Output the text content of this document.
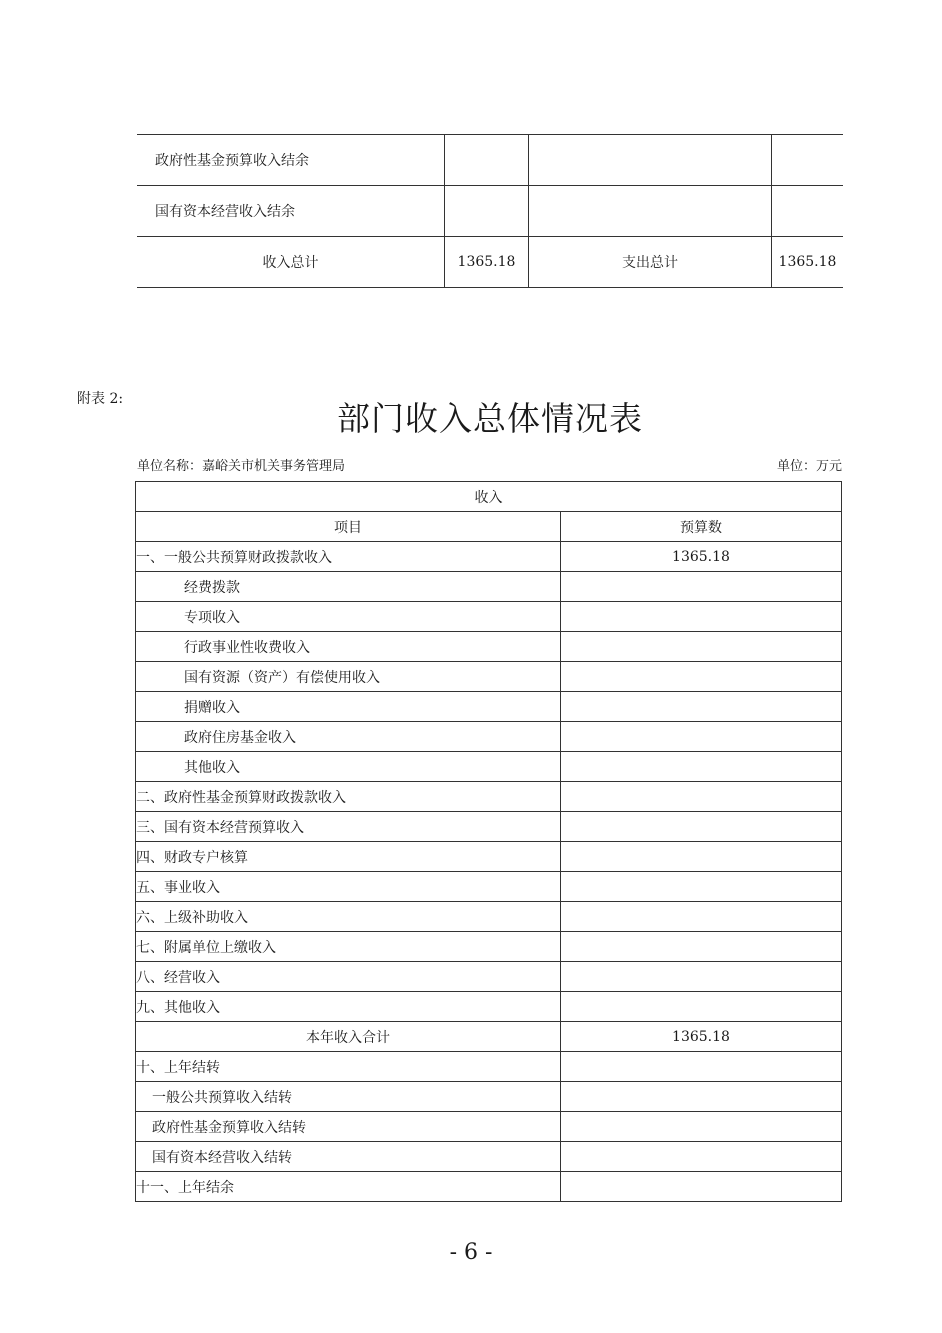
政府性基金预算收入结余			
国有资本经营收入结余			
收入总计	1365.18	支出总计	1365.18
附表 2:	部门收入总体情况表
单位名称：嘉峪关市机关事务管理局	单位：万元
收入	
项目	预算数
一、一般公共预算财政拨款收入	1365.18
经费拨款	
专项收入	
行政事业性收费收入	
国有资源（资产）有偿使用收入	
捐赠收入	
政府住房基金收入	
其他收入	
二、政府性基金预算财政拨款收入	
三、国有资本经营预算收入	
四、财政专户核算	
五、事业收入	
六、上级补助收入	
七、附属单位上缴收入	
八、经营收入	
九、其他收入	
本年收入合计	1365.18
十、上年结转	
一般公共预算收入结转	
政府性基金预算收入结转	
国有资本经营收入结转	
十一、上年结余	
- 6 -
